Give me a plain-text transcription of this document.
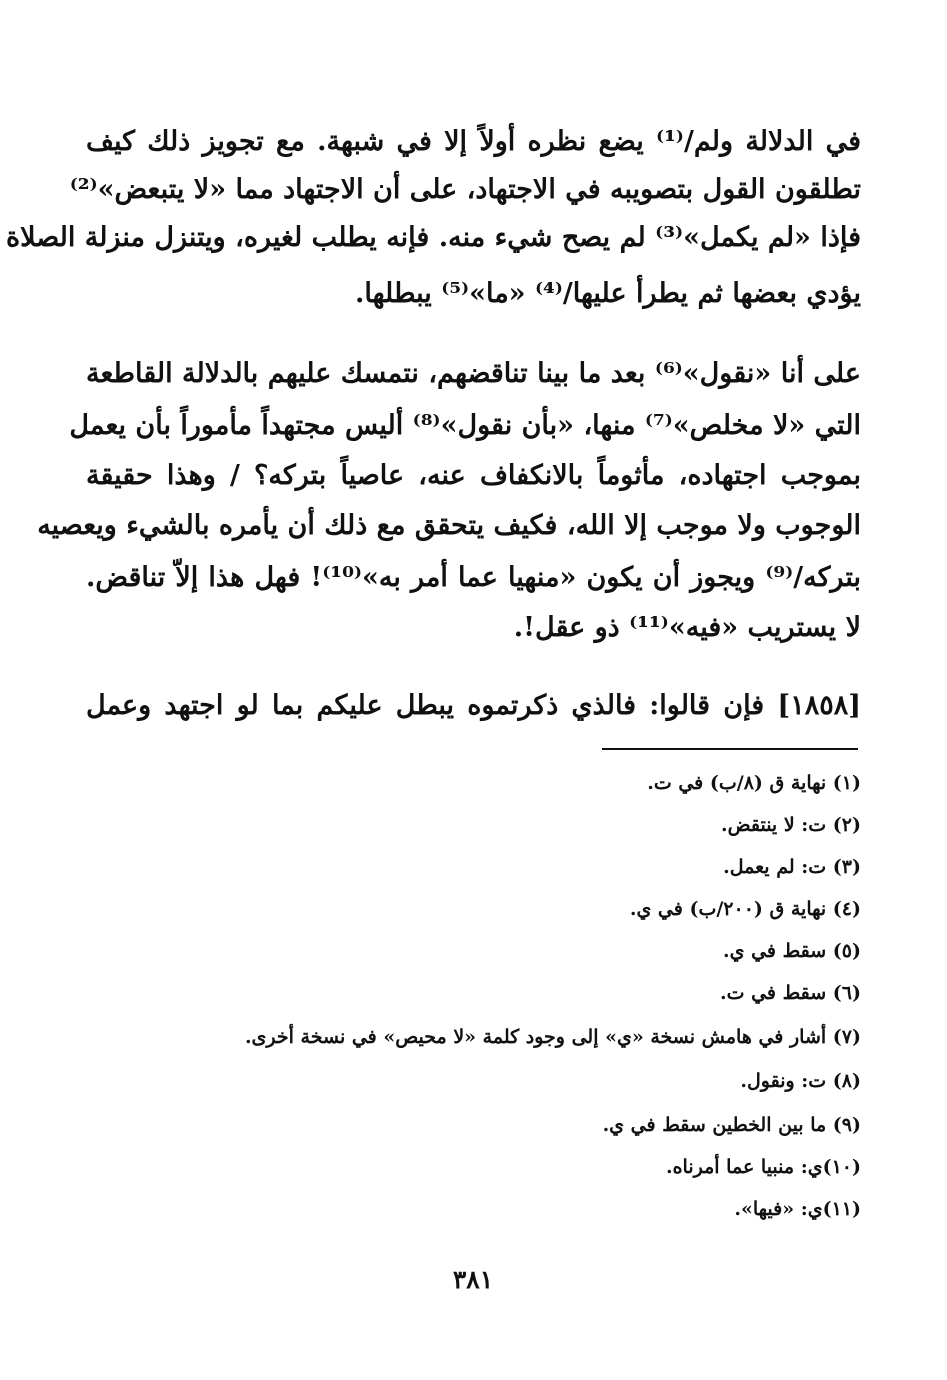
في الدلالة ولم/⁽¹⁾ يضع نظره أولاً إلا في شبهة. مع تجويز ذلك كيف
تطلقون القول بتصويبه في الاجتهاد، على أن الاجتهاد مما «لا يتبعض»⁽²⁾
فإذا «لم يكمل»⁽³⁾ لم يصح شيء منه. فإنه يطلب لغيره، ويتنزل منزلة الصلاة
يؤدي بعضها ثم يطرأ عليها/⁽⁴⁾ «ما»⁽⁵⁾ يبطلها.
على أنا «نقول»⁽⁶⁾ بعد ما بينا تناقضهم، نتمسك عليهم بالدلالة القاطعة
التي «لا مخلص»⁽⁷⁾ منها، «بأن نقول»⁽⁸⁾ أليس مجتهداً مأموراً بأن يعمل
بموجب اجتهاده، مأثوماً بالانكفاف عنه، عاصياً بتركه؟ / وهذا حقيقة
الوجوب ولا موجب إلا الله، فكيف يتحقق مع ذلك أن يأمره بالشيء ويعصيه
بتركه/⁽⁹⁾ ويجوز أن يكون «منهيا عما أمر به»⁽¹⁰⁾! فهل هذا إلاّ تناقض.
لا يستريب «فيه»⁽¹¹⁾ ذو عقل!.
[١٨٥٨] فإن قالوا: فالذي ذكرتموه يبطل عليكم بما لو اجتهد وعمل
(١) نهاية ق (٨/ب) في ت.
(٢) ت: لا ينتقض.
(٣) ت: لم يعمل.
(٤) نهاية ق (٢٠٠/ب) في ي.
(٥) سقط في ي.
(٦) سقط في ت.
(٧) أشار في هامش نسخة «ي» إلى وجود كلمة «لا محيص» في نسخة أخرى.
(٨) ت: ونقول.
(٩) ما بين الخطين سقط في ي.
(١٠)ي: منبيا عما أمرناه.
(١١)ي: «فيها».
٣٨١
